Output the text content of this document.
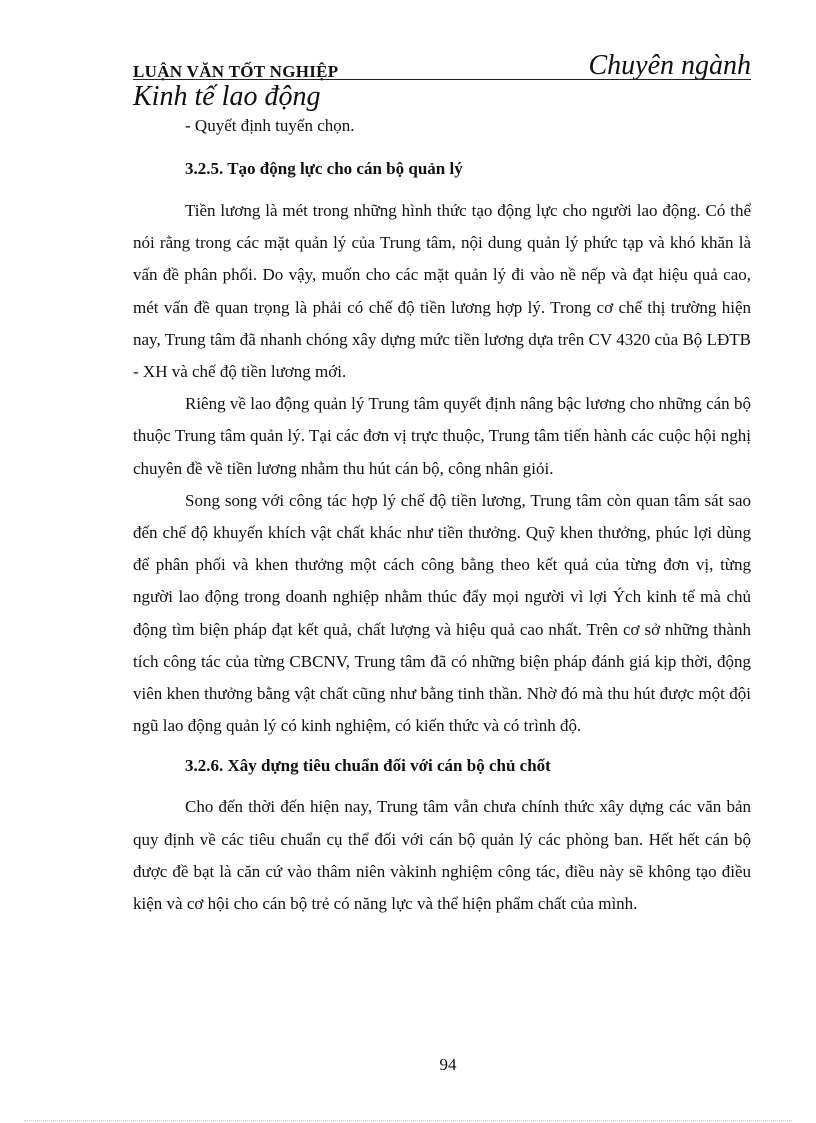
LUẬN VĂN TỐT NGHIỆP	Chuyên ngành
Kinh tế lao động

- Quyết định tuyển chọn.

3.2.5. Tạo động lực cho cán bộ quản lý

Tiền lương là mét trong những hình thức tạo động lực cho người lao động. Có thể nói rằng trong các mặt quản lý của Trung tâm, nội dung quản lý phức tạp và khó khăn là vấn đề phân phối. Do vậy, muốn cho các mặt quản lý đi vào nề nếp và đạt hiệu quả cao, mét vấn đề quan trọng là phải có chế độ tiền lương hợp lý. Trong cơ chế thị trường hiện nay, Trung tâm đã nhanh chóng xây dựng mức tiền lương dựa trên CV 4320 của Bộ LĐTB - XH và chế độ tiền lương mới.

Riêng về lao động quản lý Trung tâm quyết định nâng bậc lương cho những cán bộ thuộc Trung tâm quản lý. Tại các đơn vị trực thuộc, Trung tâm tiến hành các cuộc hội nghị chuyên đề về tiền lương nhằm thu hút cán bộ, công nhân giỏi.

Song song với công tác hợp lý chế độ tiền lương, Trung tâm còn quan tâm sát sao đến chế độ khuyến khích vật chất khác như tiền thưởng. Quỹ khen thưởng, phúc lợi dùng để phân phối và khen thưởng một cách công bằng theo kết quả của từng đơn vị, từng người lao động trong doanh nghiệp nhằm thúc đẩy mọi người vì lợi Ých kinh tế mà chủ động tìm biện pháp đạt kết quả, chất lượng và hiệu quả cao nhất. Trên cơ sở những thành tích công tác của từng CBCNV, Trung tâm đã có những biện pháp đánh giá kịp thời, động viên khen thưởng bằng vật chất cũng như bằng tinh thần. Nhờ đó mà thu hút được một đội ngũ lao động quản lý có kinh nghiệm, có kiến thức và có trình độ.

3.2.6. Xây dựng tiêu chuẩn đối với cán bộ chủ chốt

Cho đến thời đến hiện nay, Trung tâm vẫn chưa chính thức xây dựng các văn bản quy định về các tiêu chuẩn cụ thể đối với cán bộ quản lý các phòng ban. Hết hết cán bộ được đề bạt là căn cứ vào thâm niên vàkinh nghiệm công tác, điều này sẽ không tạo điều kiện và cơ hội cho cán bộ trẻ có năng lực và thể hiện phẩm chất của mình.

94
